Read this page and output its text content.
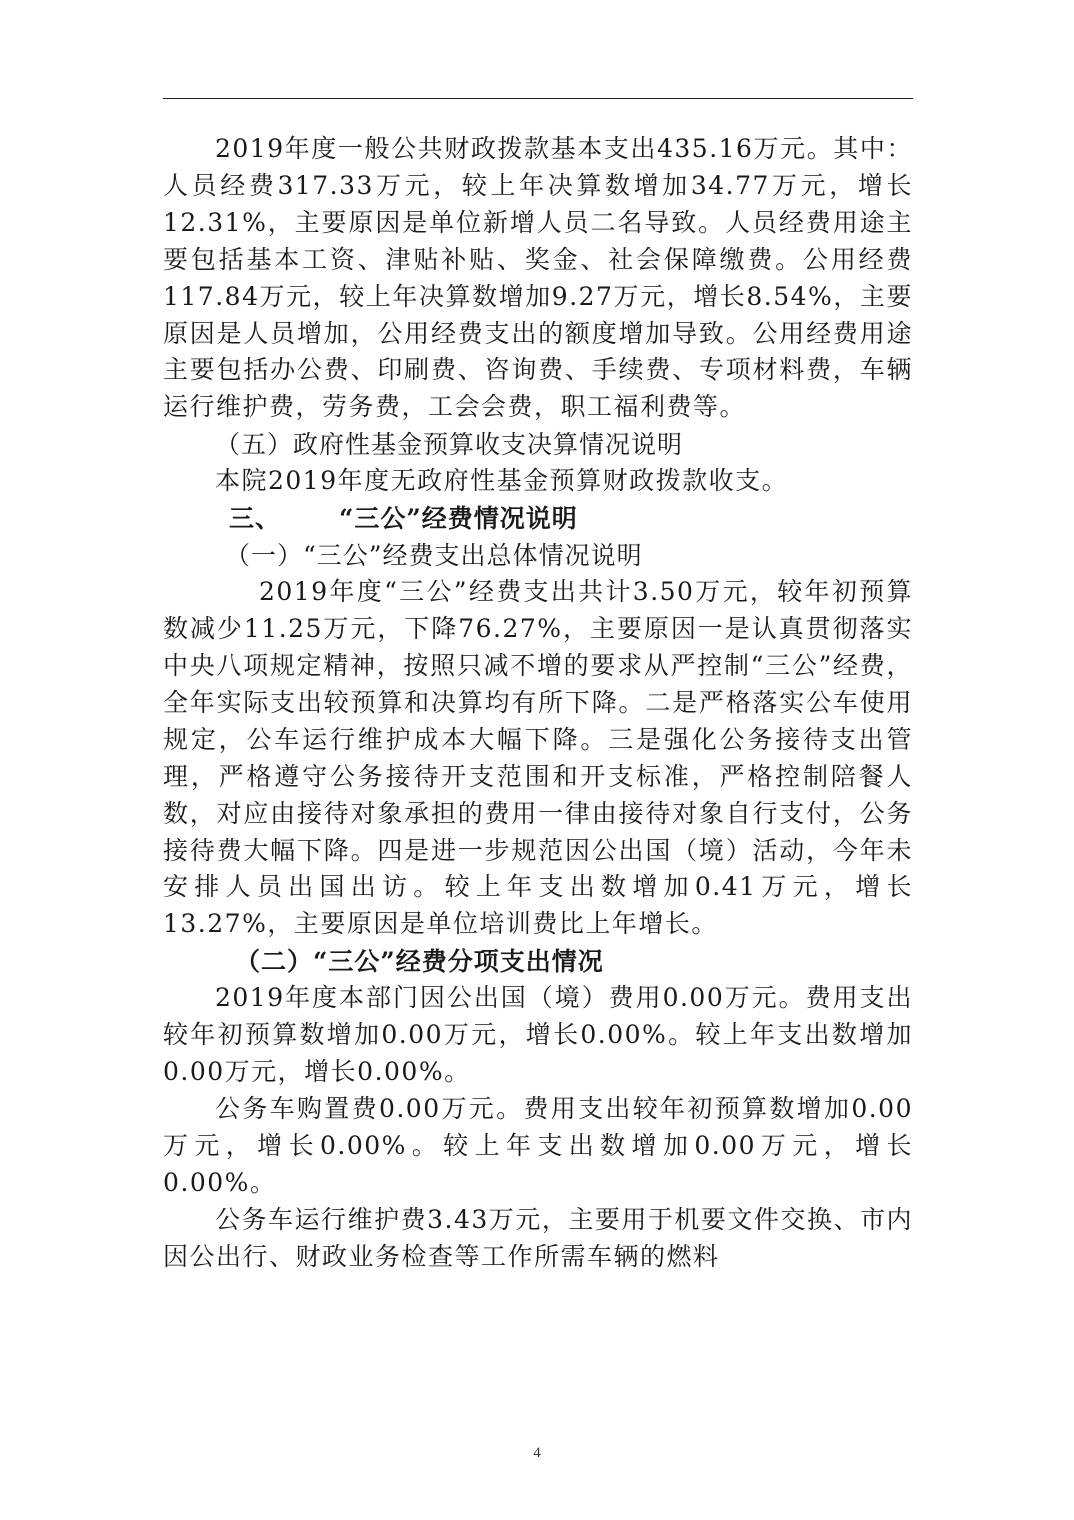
2019年度一般公共财政拨款基本支出435.16万元。其中：人员经费317.33万元，较上年决算数增加34.77万元，增长12.31%，主要原因是单位新增人员二名导致。人员经费用途主要包括基本工资、津贴补贴、奖金、社会保障缴费。公用经费117.84万元，较上年决算数增加9.27万元，增长8.54%，主要原因是人员增加，公用经费支出的额度增加导致。公用经费用途主要包括办公费、印刷费、咨询费、手续费、专项材料费，车辆运行维护费，劳务费，工会会费，职工福利费等。

（五）政府性基金预算收支决算情况说明

本院2019年度无政府性基金预算财政拨款收支。

三、 “三公”经费情况说明

（一）“三公”经费支出总体情况说明

2019年度“三公”经费支出共计3.50万元，较年初预算数减少11.25万元，下降76.27%，主要原因一是认真贯彻落实中央八项规定精神，按照只减不增的要求从严控制“三公”经费，全年实际支出较预算和决算均有所下降。二是严格落实公车使用规定，公车运行维护成本大幅下降。三是强化公务接待支出管理，严格遵守公务接待开支范围和开支标准，严格控制陪餐人数，对应由接待对象承担的费用一律由接待对象自行支付，公务接待费大幅下降。四是进一步规范因公出国（境）活动，今年未安排人员出国出访。较上年支出数增加0.41万元，增长13.27%，主要原因是单位培训费比上年增长。

（二）“三公”经费分项支出情况

2019年度本部门因公出国（境）费用0.00万元。费用支出较年初预算数增加0.00万元，增长0.00%。较上年支出数增加0.00万元，增长0.00%。

公务车购置费0.00万元。费用支出较年初预算数增加0.00万元，增长0.00%。较上年支出数增加0.00万元，增长0.00%。

公务车运行维护费3.43万元，主要用于机要文件交换、市内因公出行、财政业务检查等工作所需车辆的燃料

4
